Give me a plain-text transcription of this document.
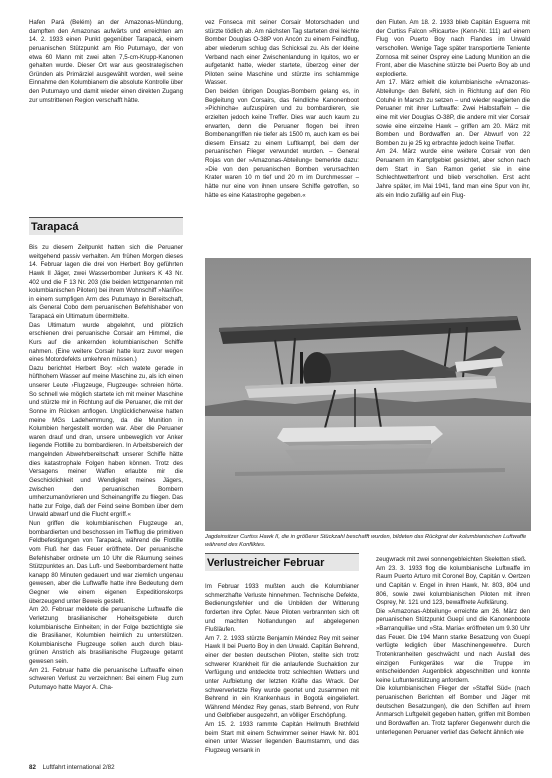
Hafen Pará (Belém) an der Amazonas-Mündung, dampften den Amazonas aufwärts und erreichten am 14. 2. 1933 einen Punkt gegenüber Tarapacá, einem peruanischen Stützpunkt am Rio Putumayo, der von etwa 60 Mann mit zwei alten 7,5-cm-Krupp-Kanonen gehalten wurde. Dieser Ort war aus geostrategischen Gründen als Primärziel ausgewählt worden, weil seine Einnahme den Kolumbianern die absolute Kontrolle über den Putumayo und damit wieder einen direkten Zugang zur umstrittenen Region verschafft hätte.

Tarapacá

Bis zu diesem Zeitpunkt hatten sich die Peruaner weitgehend passiv verhalten. Am frühen Morgen dieses 14. Februar lagen die drei von Herbert Boy geführten Hawk II Jäger, zwei Wasserbomber Junkers K 43 Nr. 402 und die F 13 Nr. 203 (die beiden letztgenannten mit kolumbianischen Piloten) bei ihrem Wohnschiff »Nariño« in einem sumpfigen Arm des Putumayo in Bereitschaft, als General Cobo dem peruanischen Befehlshaber von Tarapacá ein Ultimatum übermittelte.

Das Ultimatum wurde abgelehnt, und plötzlich erschienen drei peruanische Corsair am Himmel, die Kurs auf die ankernden kolumbianischen Schiffe nahmen. (Eine weitere Corsair hatte kurz zuvor wegen eines Motordefekts umkehren müssen.)

Dazu berichtet Herbert Boy: »Ich watete gerade in hüfthohem Wasser auf meine Maschine zu, als ich einen unserer Leute ›Flugzeuge, Flugzeuge‹ schreien hörte. So schnell wie möglich startete ich mit meiner Maschine und stürzte mir in Richtung auf die Peruaner, die mit der Sonne im Rücken anflogen. Unglücklicherweise hatten meine MGs Ladehemmung, da die Munition in Kolumbien hergestellt worden war. Aber die Peruaner waren drauf und dran, unsere unbeweglich vor Anker liegende Flottille zu bombardieren. In Arbeitsbereich der mangelnden Abwehrbereitschaft unserer Schiffe hätte dies katastrophale Folgen haben können. Trotz des Versagens meiner Waffen erlaubte mir die Geschicklichkeit und Wendigkeit meines Jägers, zwischen den peruanischen Bombern umherzumanövrieren und Scheinangriffe zu fliegen. Das hatte zur Folge, daß der Feind seine Bomben über dem Urwald abwarf und die Flucht ergriff.«

Nun griffen die kolumbianischen Flugzeuge an, bombardierten und beschossen im Tiefflug die primitiven Feldbefestigungen von Tarapacá, während die Flottille vom Fluß her das Feuer eröffnete. Der peruanische Befehlshaber ordnete um 10 Uhr die Räumung seines Stützpunktes an. Das Luft- und Seebombardement hatte kanapp 80 Minuten gedauert und war ziemlich ungenau gewesen, aber die Luftwaffe hatte ihre Bedeutung dem Gegner wie einem eigenen Expeditionskorps überzeugend unter Beweis gestellt.

Am 20. Februar meldete die peruanische Luftwaffe die Verletzung brasilianischer Hoheitsgebiete durch kolumbianische Einheiten; in der Folge beztichtigte sie die Brasilianer, Kolumbien heimlich zu unterstützen. Kolumbianische Flugzeuge sollen auch durch blau-grünen Anstrich als brasilianische Flugzeuge getarnt gewesen sein.

Am 21. Februar hatte die peruanische Luftwaffe einen schweren Verlust zu verzeichnen: Bei einem Flug zum Putumayo hatte Mayor A. Cha-

vez Fonseca mit seiner Corsair Motorschaden und stürzte tödlich ab. Am nächsten Tag starteten drei leichte Bomber Douglas O-38P von Ancón zu einem Feindflug, aber wiederum schlug das Schicksal zu. Als der kleine Verband nach einer Zwischenlandung in Iquitos, wo er aufgetankt hatte, wieder startete, überzog einer der Piloten seine Maschine und stürzte ins schlammige Wasser.

Den beiden übrigen Douglas-Bombern gelang es, in Begleitung von Corsairs, das feindliche Kanonenboot »Pichincha« aufzuspüren und zu bombardieren, sie erzielten jedoch keine Treffer. Dies war auch kaum zu erwarten, denn die Peruaner flogen bei ihren Bombenangriffen nie tiefer als 1500 m, auch kam es bei diesem Einsatz zu einem Luftkampf, bei dem der peruanischen Flieger verwundet wurden. – General Rojas von der »Amazonas-Abteilung« bemerkte dazu: »Die von den peruanischen Bomben verursachten Krater waren 10 m tief und 20 m im Durchmesser – hätte nur eine von ihnen unsere Schiffe getroffen, so hätte es eine Katastrophe gegeben.«

den Fluten. Am 18. 2. 1933 blieb Capitán Esguerra mit der Curtiss Falcon »Ricaurte« (Kenn-Nr. 111) auf einem Flug von Puerto Boy nach Flandes im Urwald verschollen. Wenige Tage später transportierte Teniente Zornosa mit seiner Osprey eine Ladung Munition an die Front, aber die Maschine stürzte bei Puerto Boy ab und explodierte.

Am 17. März erhielt die kolumbianische »Amazonas-Abteilung« den Befehl, sich in Richtung auf den Rio Cotuhé in Marsch zu setzen – und wieder reagierten die Peruaner mit ihrer Luftwaffe: Zwei Halbstaffeln – die eine mit vier Douglas O-38P, die andere mit vier Corsair sowie eine einzelne Hawk – griffen am 20. März mit Bomben und Bordwaffen an. Der Abwurf von 22 Bomben zu je 25 kg erbrachte jedoch keine Treffer.

Am 24. März wurde eine weitere Corsair von den Peruanern im Kampfgebiet gesichtet, aber schon nach dem Start in San Ramon geriet sie in eine Schlechtwetterfront und blieb verschollen. Erst acht Jahre später, im Mai 1941, fand man eine Spur von ihr, als ein Indio zufällig auf ein Flug-

Jagdeinsitzer Curtiss Hawk II, die in größerer Stückzahl beschafft wurden, bildeten das Rückgrat der kolumbianischen Luftwaffe während des Konfliktes.
Verlustreicher Februar

Im Februar 1933 mußten auch die Kolumbianer schmerzhafte Verluste hinnehmen. Technische Defekte, Bedienungsfehler und die Unbilden der Witterung forderten ihre Opfer. Neue Piloten verbrannten sich oft und machten Notlandungen auf abgelegenen Flußläufen.

Am 7. 2. 1933 stürzte Benjamín Méndez Rey mit seiner Hawk II bei Puerto Boy in den Urwald. Capitán Behrend, einer der besten deutschen Piloten, stellte sich trotz schwerer Krankheit für die anlaufende Suchaktion zur Verfügung und entdeckte trotz schlechten Wetters und unter Aufbietung der letzten Kräfte das Wrack. Der schwerverletzte Rey wurde geortet und zusammen mit Behrend in ein Krankenhaus in Bogotá eingeliefert. Während Méndez Rey genas, starb Behrend, von Ruhr und Gelbfieber ausgezehrt, an völliger Erschöpfung.

Am 15. 2. 1933 rammte Capitán Hellmuth Brethfeld beim Start mit einem Schwimmer seiner Hawk Nr. 801 einen unter Wasser liegenden Baumstamm, und das Flugzeug versank in

zeugwrack mit zwei sonnengebleichten Skeletten stieß.

Am 23. 3. 1933 flog die kolumbianische Luftwaffe im Raum Puerto Arturo mit Coronel Boy, Capitán v. Oertzen und Capitán v. Engel in ihren Hawk, Nr. 803, 804 und 806, sowie zwei kolumbianischen Piloten mit ihren Osprey, Nr. 121 und 123, bewaffnete Aufklärung.

Die »Amazonas-Abteilung« erreichte am 26. März den peruanischen Stützpunkt Guepí und die Kanonenboote »Barranquilla« und »Sta. María« eröffneten um 9.30 Uhr das Feuer. Die 194 Mann starke Besatzung von Guepí verfügte lediglich über Maschinengewehre. Durch Trotenkranheiten geschwächt und nach Ausfall des einzigen Funkgerätes war die Truppe im entscheidenden Augenblick abgeschnitten und konnte keine Luftunterstützung anfordern.

Die kolumbianischen Flieger der »Staffel Süd« (nach peruanischen Berichten elf Bomber und Jäger mit deutschen Besatzungen), die den Schiffen auf ihrem Anmarsch Luftgeleit gegeben hatten, griffen mit Bomben und Bordwaffen an. Trotz tapferer Gegenwehr durch die unterlegenen Peruaner verlief das Gefecht ähnlich wie

82 Luftfahrt international 2/82
